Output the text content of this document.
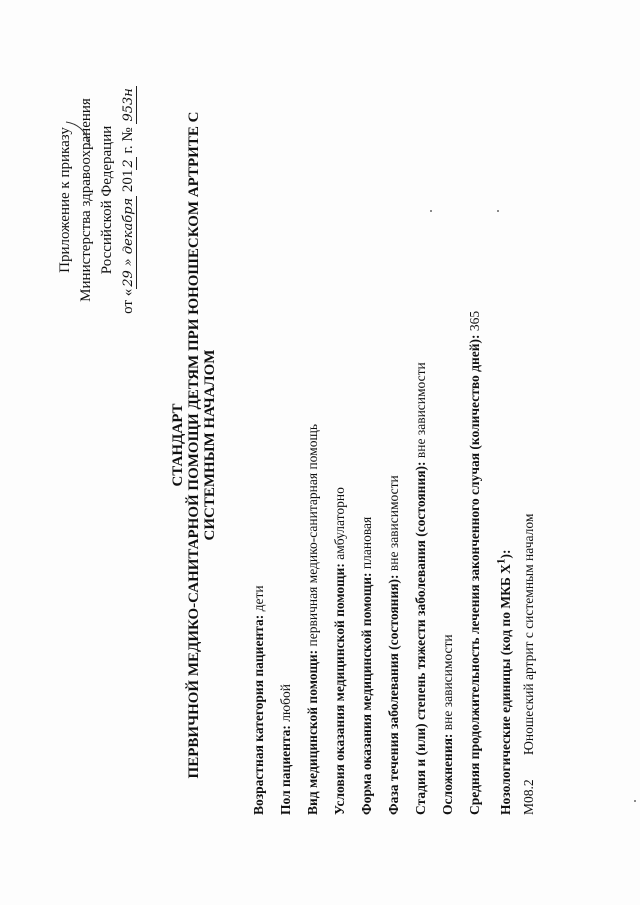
Приложение к приказу Министерства здравоохранения Российской Федерации
от «29» декабря 2012 г. № 953н
СТАНДАРТ ПЕРВИЧНОЙ МЕДИКО-САНИТАРНОЙ ПОМОЩИ ДЕТЯМ ПРИ ЮНОШЕСКОМ АРТРИТЕ С СИСТЕМНЫМ НАЧАЛОМ
Возрастная категория пациента: дети
Пол пациента: любой Вид медицинской помощи: первичная медико-санитарная помощь
Условия оказания медицинской помощи: амбулаторно
Форма оказания медицинской помощи: плановая
Фаза течения заболевания (состояния): вне зависимости Стадия и (или) степень тяжести заболевания (состояния): вне зависимости
Осложнения: вне зависимости Средняя продолжительность лечения законченного случая (количество дней): 365
Нозологические единицы (код по МКБ $X^1$):
M08.2Юношеский артрит с системным началом
